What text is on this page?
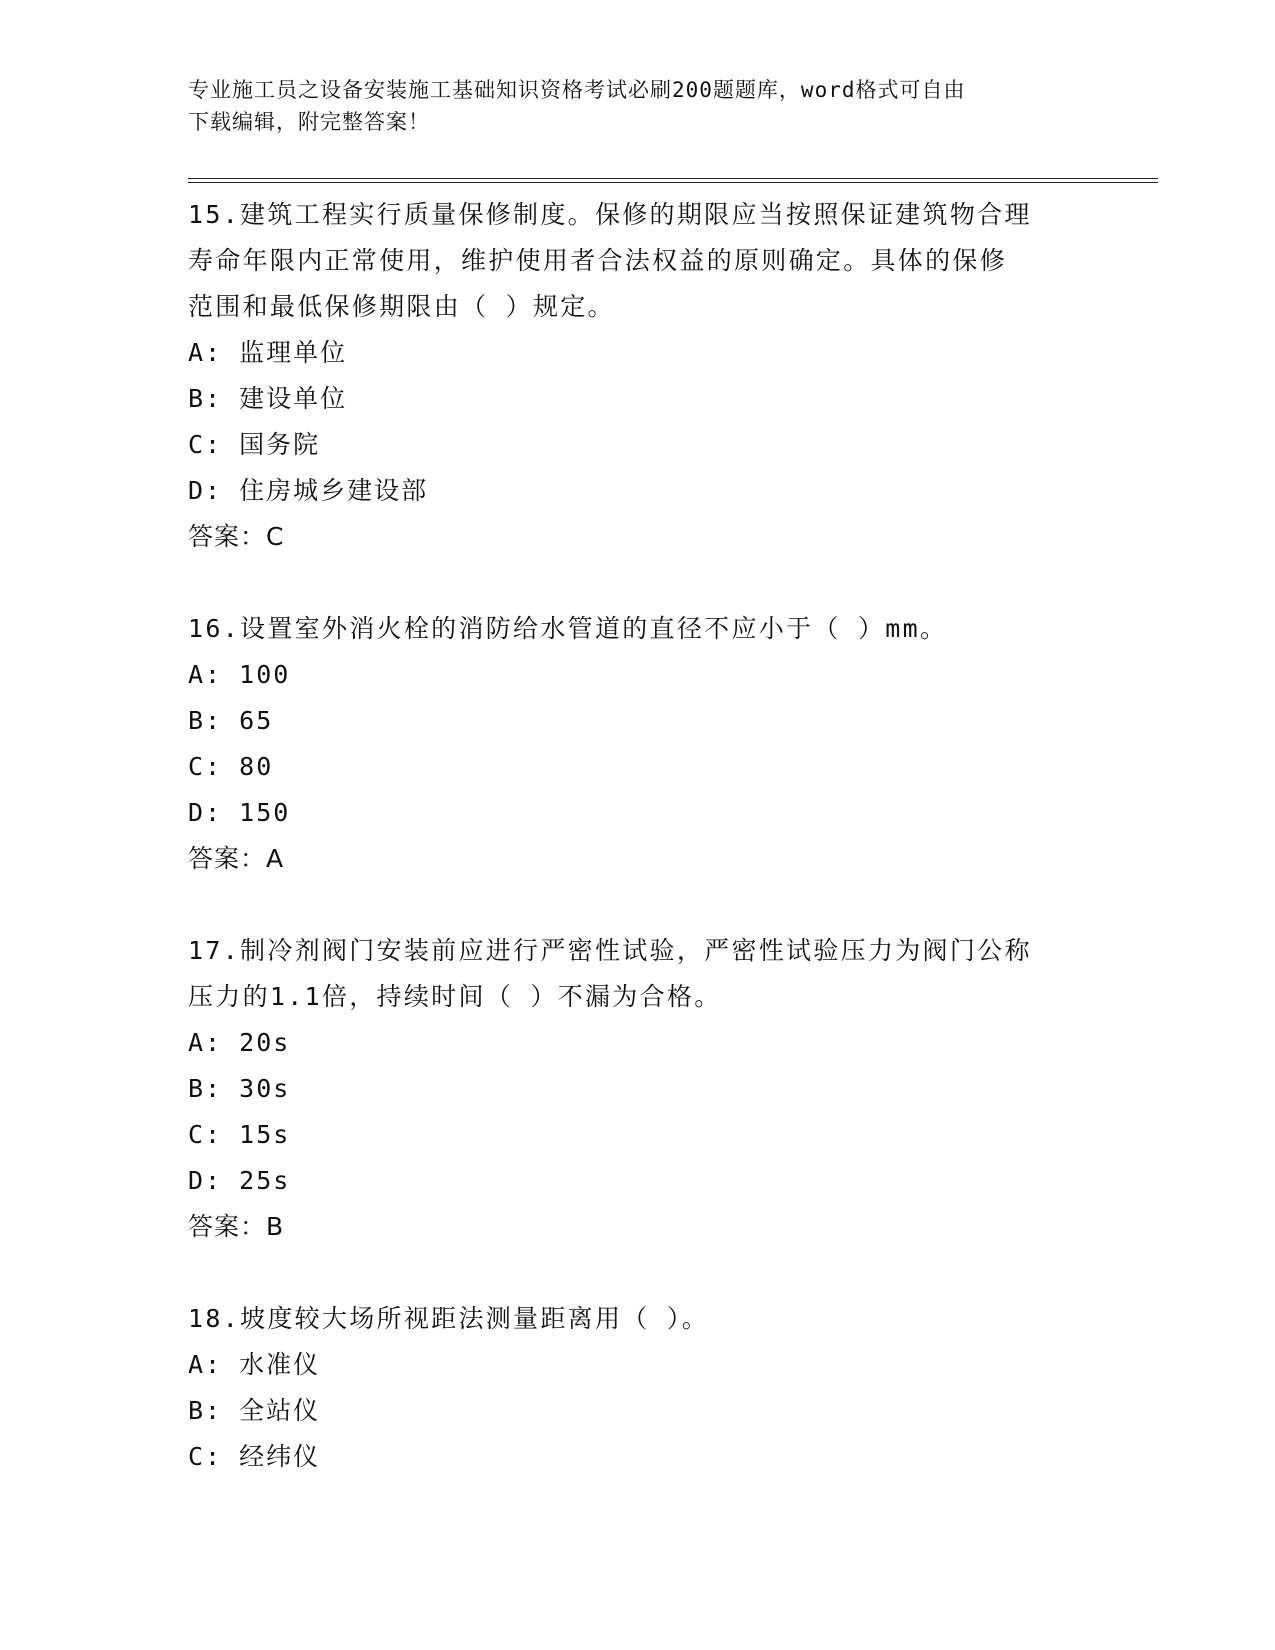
专业施工员之设备安装施工基础知识资格考试必刷200题题库，word格式可自由
下载编辑，附完整答案！

15.建筑工程实行质量保修制度。保修的期限应当按照保证建筑物合理

寿命年限内正常使用，维护使用者合法权益的原则确定。具体的保修

范围和最低保修期限由（ ）规定。

A: 监理单位

B: 建设单位

C: 国务院

D: 住房城乡建设部

答案：C

16.设置室外消火栓的消防给水管道的直径不应小于（ ）mm。

A: 100

B: 65

C: 80

D: 150

答案：A

17.制冷剂阀门安装前应进行严密性试验，严密性试验压力为阀门公称

压力的1.1倍，持续时间（ ）不漏为合格。

A: 20s

B: 30s

C: 15s

D: 25s

答案：B

18.坡度较大场所视距法测量距离用（ ）。

A: 水准仪

B: 全站仪

C: 经纬仪
